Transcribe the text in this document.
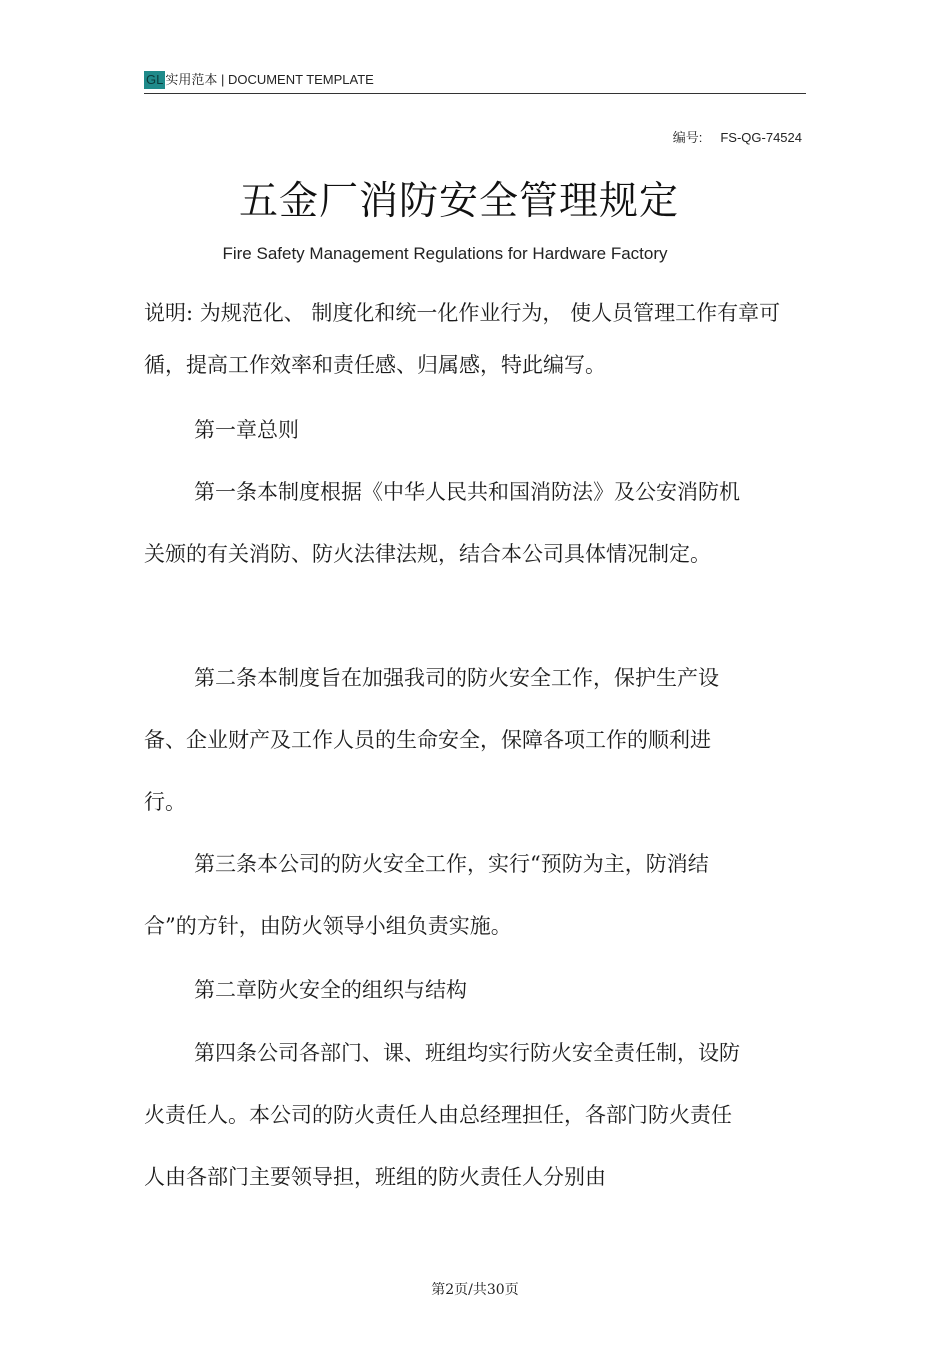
GL 实用范本 | DOCUMENT TEMPLATE
编号: FS-QG-74524
五金厂消防安全管理规定
Fire Safety Management Regulations for Hardware Factory
说明: 为规范化、 制度化和统一化作业行为， 使人员管理工作有章可循，提高工作效率和责任感、归属感，特此编写。
第一章总则
第一条本制度根据《中华人民共和国消防法》及公安消防机关颁的有关消防、防火法律法规，结合本公司具体情况制定。
第二条本制度旨在加强我司的防火安全工作，保护生产设备、企业财产及工作人员的生命安全，保障各项工作的顺利进行。
第三条本公司的防火安全工作，实行“预防为主，防消结合”的方针，由防火领导小组负责实施。
第二章防火安全的组织与结构
第四条公司各部门、课、班组均实行防火安全责任制，设防火责任人。本公司的防火责任人由总经理担任，各部门防火责任人由各部门主要领导担，班组的防火责任人分别由
第2页/共30页
